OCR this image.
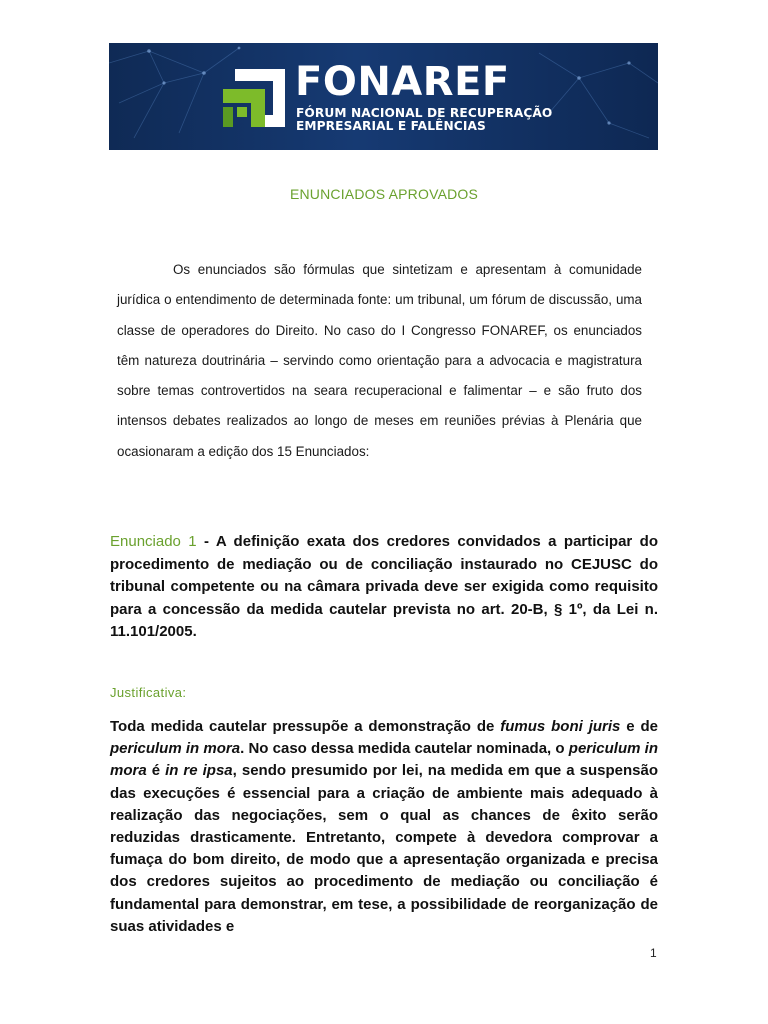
FONAREF
FÓRUM NACIONAL DE RECUPERAÇÃO
EMPRESARIAL E FALÊNCIAS
ENUNCIADOS APROVADOS
Os enunciados são fórmulas que sintetizam e apresentam à comunidade jurídica o entendimento de determinada fonte: um tribunal, um fórum de discussão, uma classe de operadores do Direito. No caso do I Congresso FONAREF, os enunciados têm natureza doutrinária – servindo como orientação para a advocacia e magistratura sobre temas controvertidos na seara recuperacional e falimentar – e são fruto dos intensos debates realizados ao longo de meses em reuniões prévias à Plenária que ocasionaram a edição dos 15 Enunciados:
Enunciado 1 - A definição exata dos credores convidados a participar do procedimento de mediação ou de conciliação instaurado no CEJUSC do tribunal competente ou na câmara privada deve ser exigida como requisito para a concessão da medida cautelar prevista no art. 20-B, § 1º, da Lei n. 11.101/2005.
Justificativa:
Toda medida cautelar pressupõe a demonstração de fumus boni juris e de periculum in mora. No caso dessa medida cautelar nominada, o periculum in mora é in re ipsa, sendo presumido por lei, na medida em que a suspensão das execuções é essencial para a criação de ambiente mais adequado à realização das negociações, sem o qual as chances de êxito serão reduzidas drasticamente. Entretanto, compete à devedora comprovar a fumaça do bom direito, de modo que a apresentação organizada e precisa dos credores sujeitos ao procedimento de mediação ou conciliação é fundamental para demonstrar, em tese, a possibilidade de reorganização de suas atividades e
1
